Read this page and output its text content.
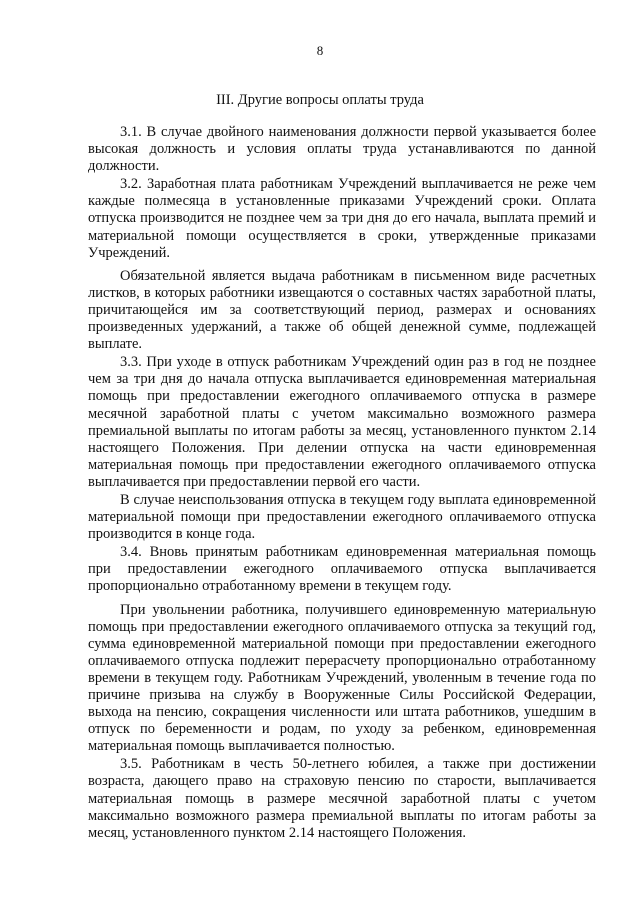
8
III. Другие вопросы оплаты труда

3.1. В случае двойного наименования должности первой указывается более высокая должность и условия оплаты труда устанавливаются по данной должности.

3.2. Заработная плата работникам Учреждений выплачивается не реже чем каждые полмесяца в установленные приказами Учреждений сроки. Оплата отпуска производится не позднее чем за три дня до его начала, выплата премий и материальной помощи осуществляется в сроки, утвержденные приказами Учреждений.

Обязательной является выдача работникам в письменном виде расчетных листков, в которых работники извещаются о составных частях заработной платы, причитающейся им за соответствующий период, размерах и основаниях произведенных удержаний, а также об общей денежной сумме, подлежащей выплате.

3.3. При уходе в отпуск работникам Учреждений один раз в год не позднее чем за три дня до начала отпуска выплачивается единовременная материальная помощь при предоставлении ежегодного оплачиваемого отпуска в размере месячной заработной платы с учетом максимально возможного размера премиальной выплаты по итогам работы за месяц, установленного пунктом 2.14 настоящего Положения. При делении отпуска на части единовременная материальная помощь при предоставлении ежегодного оплачиваемого отпуска выплачивается при предоставлении первой его части.

В случае неиспользования отпуска в текущем году выплата единовременной материальной помощи при предоставлении ежегодного оплачиваемого отпуска производится в конце года.

3.4. Вновь принятым работникам единовременная материальная помощь при предоставлении ежегодного оплачиваемого отпуска выплачивается пропорционально отработанному времени в текущем году.

При увольнении работника, получившего единовременную материальную помощь при предоставлении ежегодного оплачиваемого отпуска за текущий год, сумма единовременной материальной помощи при предоставлении ежегодного оплачиваемого отпуска подлежит перерасчету пропорционально отработанному времени в текущем году. Работникам Учреждений, уволенным в течение года по причине призыва на службу в Вооруженные Силы Российской Федерации, выхода на пенсию, сокращения численности или штата работников, ушедшим в отпуск по беременности и родам, по уходу за ребенком, единовременная материальная помощь выплачивается полностью.

3.5. Работникам в честь 50-летнего юбилея, а также при достижении возраста, дающего право на страховую пенсию по старости, выплачивается материальная помощь в размере месячной заработной платы с учетом максимально возможного размера премиальной выплаты по итогам работы за месяц, установленного пунктом 2.14 настоящего Положения.
